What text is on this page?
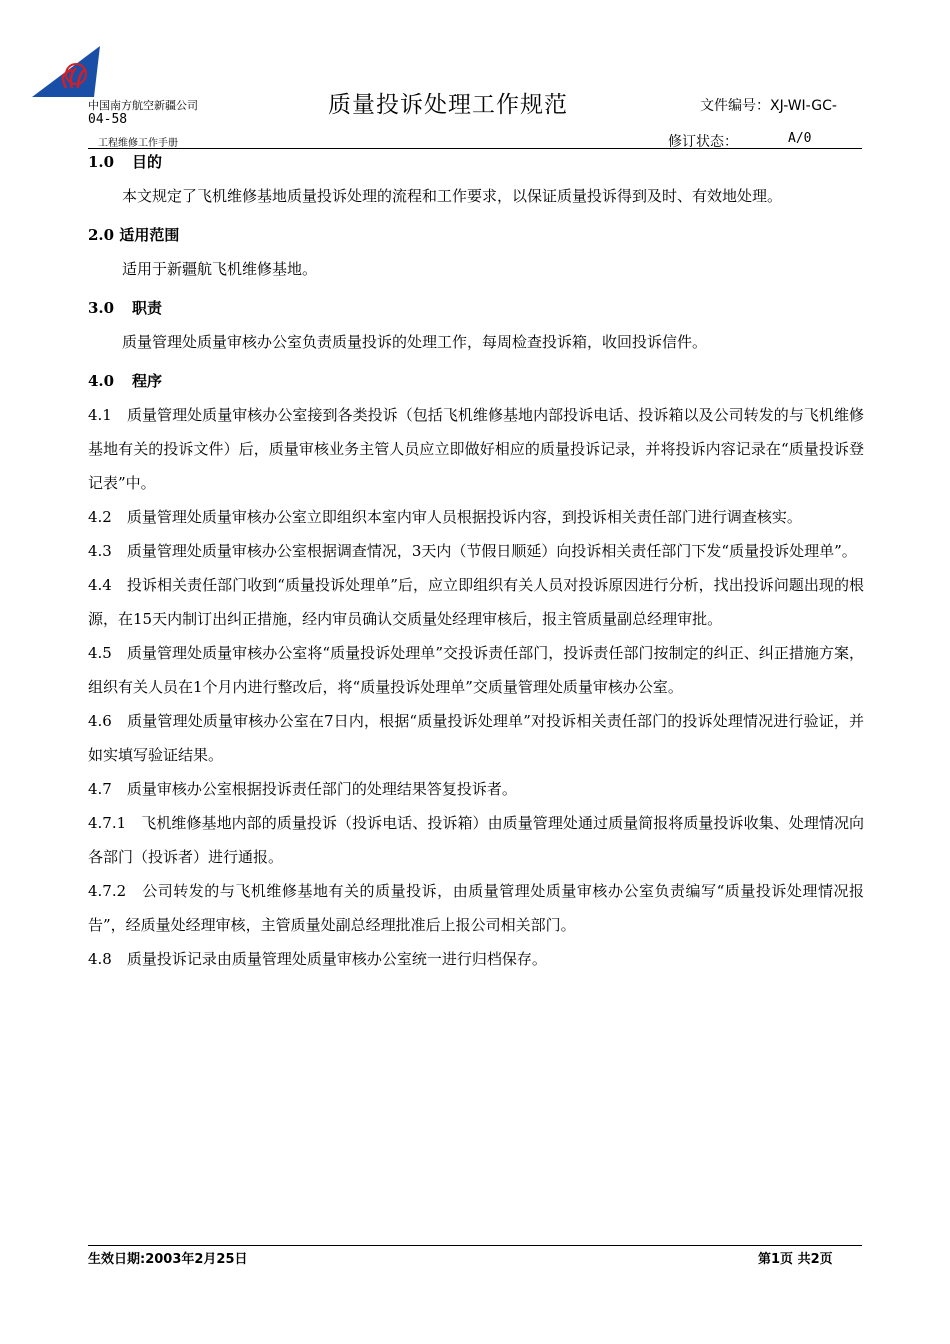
中国南方航空新疆公司	质量投诉处理工作规范	文件编号：XJ-WI-GC-
04-58
工程维修工作手册	修订状态：	A/0
1.0 目的

本文规定了飞机维修基地质量投诉处理的流程和工作要求，以保证质量投诉得到及时、有效地处理。

2.0 适用范围

适用于新疆航飞机维修基地。

3.0 职责

质量管理处质量审核办公室负责质量投诉的处理工作，每周检查投诉箱，收回投诉信件。

4.0 程序

4.1　质量管理处质量审核办公室接到各类投诉（包括飞机维修基地内部投诉电话、投诉箱以及公司转发的与飞机维修基地有关的投诉文件）后，质量审核业务主管人员应立即做好相应的质量投诉记录，并将投诉内容记录在“质量投诉登记表”中。

4.2　质量管理处质量审核办公室立即组织本室内审人员根据投诉内容，到投诉相关责任部门进行调查核实。

4.3　质量管理处质量审核办公室根据调查情况，3天内（节假日顺延）向投诉相关责任部门下发“质量投诉处理单”。

4.4　投诉相关责任部门收到“质量投诉处理单”后，应立即组织有关人员对投诉原因进行分析，找出投诉问题出现的根源，在15天内制订出纠正措施，经内审员确认交质量处经理审核后，报主管质量副总经理审批。

4.5　质量管理处质量审核办公室将“质量投诉处理单”交投诉责任部门，投诉责任部门按制定的纠正、纠正措施方案，组织有关人员在1个月内进行整改后，将“质量投诉处理单”交质量管理处质量审核办公室。

4.6　质量管理处质量审核办公室在7日内，根据“质量投诉处理单”对投诉相关责任部门的投诉处理情况进行验证，并如实填写验证结果。

4.7　质量审核办公室根据投诉责任部门的处理结果答复投诉者。

4.7.1　飞机维修基地内部的质量投诉（投诉电话、投诉箱）由质量管理处通过质量简报将质量投诉收集、处理情况向各部门（投诉者）进行通报。

4.7.2　公司转发的与飞机维修基地有关的质量投诉，由质量管理处质量审核办公室负责编写“质量投诉处理情况报告”，经质量处经理审核，主管质量处副总经理批准后上报公司相关部门。

4.8　质量投诉记录由质量管理处质量审核办公室统一进行归档保存。

生效日期:2003年2月25日	第1页 共2页
